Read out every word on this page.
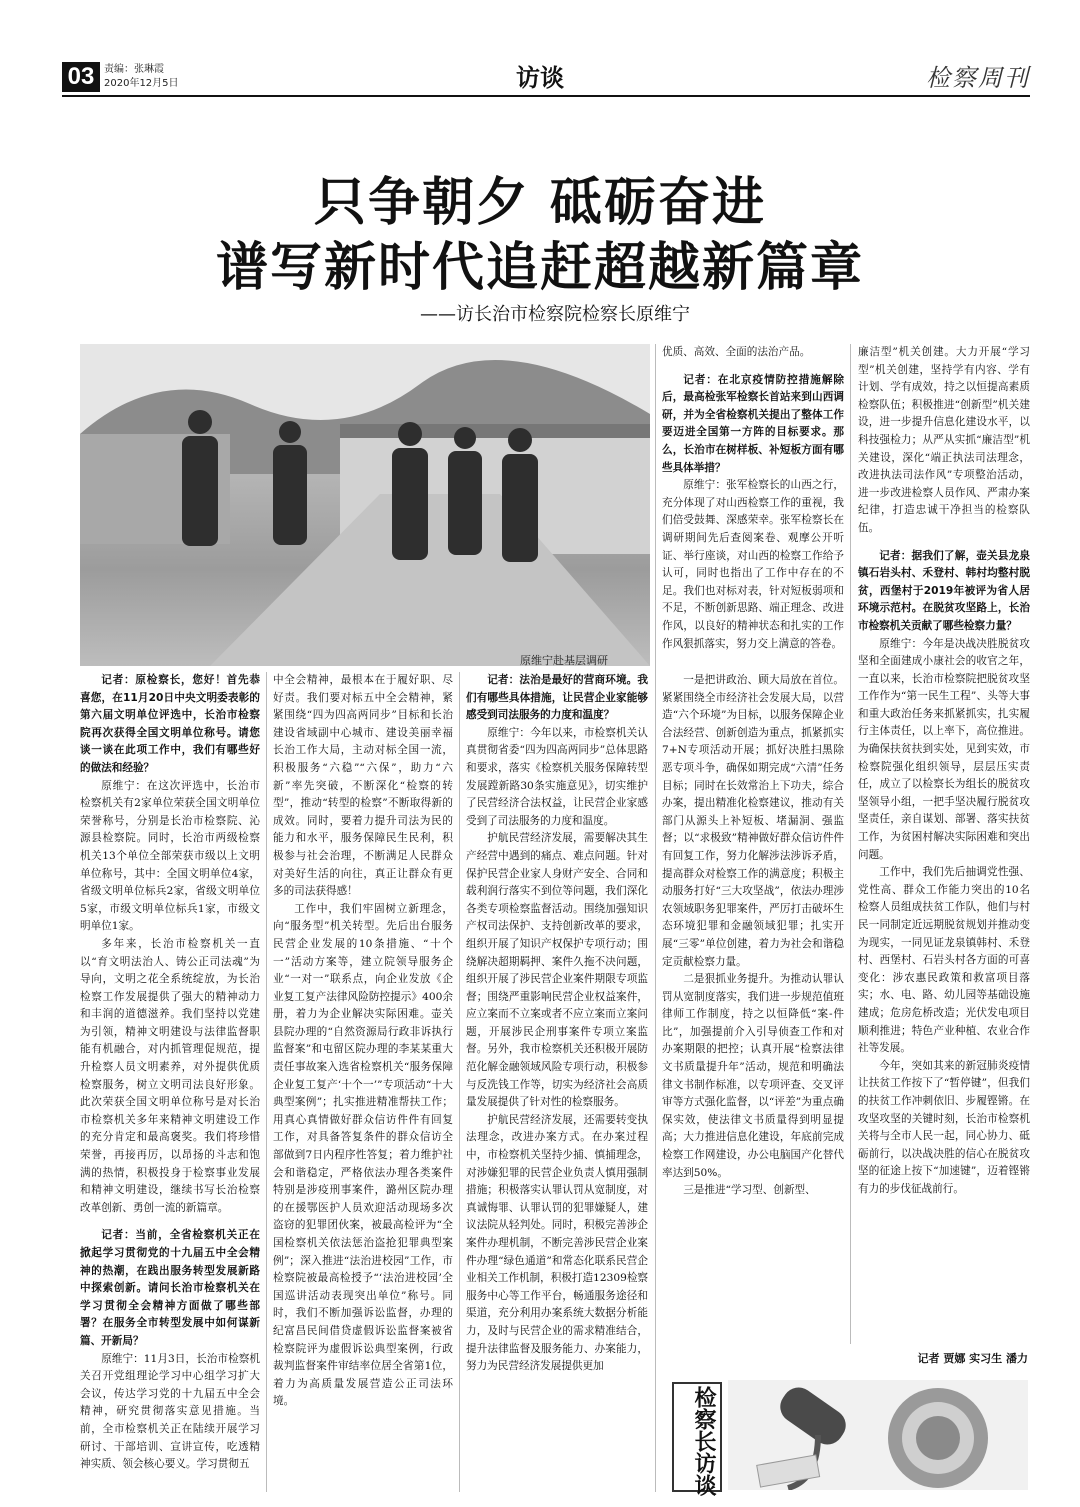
03 责编：张琳霞
2020年12月5日	访谈	检察周刊
只争朝夕 砥砺奋进
谱写新时代追赶超越新篇章
——访长治市检察院检察长原维宁
原维宁赴基层调研

记者：原检察长，您好！首先恭喜您，在11月20日中央文明委表彰的第六届文明单位评选中，长治市检察院再次获得全国文明单位称号。请您谈一谈在此项工作中，我们有哪些好的做法和经验？

原维宁：在这次评选中，长治市检察机关有2家单位荣获全国文明单位荣誉称号，分别是长治市检察院、沁源县检察院。同时，长治市两级检察机关13个单位全部荣获市级以上文明单位称号，其中：全国文明单位4家，省级文明单位标兵2家，省级文明单位5家，市级文明单位标兵1家，市级文明单位1家。

多年来，长治市检察机关一直以“育文明法治人、铸公正司法魂”为导向，文明之花全系统绽放，为长治检察工作发展提供了强大的精神动力和丰润的道德滋养。我们坚持以党建为引领，精神文明建设与法律监督职能有机融合，对内抓管理促规范，提升检察人员文明素养，对外提供优质检察服务，树立文明司法良好形象。此次荣获全国文明单位称号是对长治市检察机关多年来精神文明建设工作的充分肯定和最高褒奖。我们将珍惜荣誉，再接再厉，以昂扬的斗志和饱满的热情，积极投身于检察事业发展和精神文明建设，继续书写长治检察改革创新、勇创一流的新篇章。

记者：当前，全省检察机关正在掀起学习贯彻党的十九届五中全会精神的热潮，在践出服务转型发展新路中探索创新。请问长治市检察机关在学习贯彻全会精神方面做了哪些部署？在服务全市转型发展中如何谋新篇、开新局？

原维宁：11月3日，长治市检察机关召开党组理论学习中心组学习扩大会议，传达学习党的十九届五中全会精神，研究贯彻落实意见措施。当前，全市检察机关正在陆续开展学习研讨、干部培训、宣讲宣传，吃透精神实质、领会核心要义。学习贯彻五

中全会精神，最根本在于履好职、尽好责。我们要对标五中全会精神，紧紧围绕“四为四高两同步”目标和长治建设省域副中心城市、建设美丽幸福长治工作大局，主动对标全国一流，积极服务“六稳”“六保”，助力“六新”率先突破，不断深化“检察的转型”，推动“转型的检察”不断取得新的成效。同时，要着力提升司法为民的能力和水平，服务保障民生民利，积极参与社会治理，不断满足人民群众对美好生活的向往，真正让群众有更多的司法获得感！

工作中，我们牢固树立新理念，向“服务型”机关转型。先后出台服务民营企业发展的10条措施、“十个一”活动方案等，建立院领导服务企业“一对一”联系点，向企业发放《企业复工复产法律风险防控提示》400余册，着力为企业解决实际困难。壶关县院办理的“自然资源局行政非诉执行监督案”和屯留区院办理的李某某重大责任事故案入选省检察机关“服务保障企业复工复产‘十个一’”专项活动“十大典型案例”；扎实推进精准帮扶工作；用真心真情做好群众信访件件有回复工作，对具备答复条件的群众信访全部做到7日内程序性答复；着力维护社会和谐稳定，严格依法办理各类案件特别是涉疫刑事案件，潞州区院办理的在援鄂医护人员欢迎活动现场多次盗窃的犯罪团伙案，被最高检评为“全国检察机关依法惩治盗抢犯罪典型案例”；深入推进“法治进校园”工作，市检察院被最高检授予“‘法治进校园’全国巡讲活动表现突出单位”称号。同时，我们不断加强诉讼监督，办理的纪富昌民间借贷虚假诉讼监督案被省检察院评为虚假诉讼典型案例，行政裁判监督案件审结率位居全省第1位，着力为高质量发展营造公正司法环境。

记者：法治是最好的营商环境。我们有哪些具体措施，让民营企业家能够感受到司法服务的力度和温度？

原维宁：今年以来，市检察机关认真贯彻省委“四为四高两同步”总体思路和要求，落实《检察机关服务保障转型发展蹚新路30条实施意见》，切实维护了民营经济合法权益，让民营企业家感受到了司法服务的力度和温度。

护航民营经济发展，需要解决其生产经营中遇到的痛点、难点问题。针对保护民营企业家人身财产安全、合同和载利润行落实不到位等问题，我们深化各类专项检察监督活动。围绕加强知识产权司法保护、支持创新改革的要求，组织开展了知识产权保护专项行动；围绕解决超期羁押、案件久拖不决问题，组织开展了涉民营企业案件期限专项监督；围绕严重影响民营企业权益案件，应立案而不立案或者不应立案而立案问题，开展涉民企刑事案件专项立案监督。另外，我市检察机关还积极开展防范化解金融领域风险专项行动，积极参与反洗钱工作等，切实为经济社会高质量发展提供了针对性的检察服务。

护航民营经济发展，还需要转变执法理念，改进办案方式。在办案过程中，市检察机关坚持少捕、慎捕理念，对涉嫌犯罪的民营企业负责人慎用强制措施；积极落实认罪认罚从宽制度，对真诚悔罪、认罪认罚的犯罪嫌疑人，建议法院从轻判处。同时，积极完善涉企案件办理机制，不断完善涉民营企业案件办理“绿色通道”和常态化联系民营企业相关工作机制，积极打造12309检察服务中心等工作平台，畅通服务途径和渠道，充分利用办案系统大数据分析能力，及时与民营企业的需求精准结合，提升法律监督及服务能力、办案能力，努力为民营经济发展提供更加

优质、高效、全面的法治产品。

记者：在北京疫情防控措施解除后，最高检张军检察长首站来到山西调研，并为全省检察机关提出了整体工作要迈进全国第一方阵的目标要求。那么，长治市在树样板、补短板方面有哪些具体举措？

原维宁：张军检察长的山西之行，充分体现了对山西检察工作的重视，我们倍受鼓舞、深感荣幸。张军检察长在调研期间先后查阅案卷、观摩公开听证、举行座谈，对山西的检察工作给予认可，同时也指出了工作中存在的不足。我们也对标对表，针对短板弱项和不足，不断创新思路、端正理念、改进作风，以良好的精神状态和扎实的工作作风狠抓落实，努力交上满意的答卷。

一是把讲政治、顾大局放在首位。紧紧围绕全市经济社会发展大局，以营造“六个环境”为目标，以服务保障企业合法经营、创新创造为重点，抓紧抓实7+N专项活动开展；抓好决胜扫黑除恶专项斗争，确保如期完成“六清”任务目标；同时在长效常治上下功夫，综合办案，提出精准化检察建议，推动有关部门从源头上补短板、堵漏洞、强监督；以“求极致”精神做好群众信访件件有回复工作，努力化解涉法涉诉矛盾，提高群众对检察工作的满意度；积极主动服务打好“三大攻坚战”，依法办理涉农领域职务犯罪案件，严厉打击破坏生态环境犯罪和金融领域犯罪；扎实开展“三零”单位创建，着力为社会和谐稳定贡献检察力量。

二是狠抓业务提升。为推动认罪认罚从宽制度落实，我们进一步规范值班律师工作制度，持之以恒降低“案-件比”，加强提前介入引导侦查工作和对办案期限的把控；认真开展“检察法律文书质量提升年”活动，规范和明确法律文书制作标准，以专项评查、交叉评审等方式强化监督，以“评差”为重点确保实效，使法律文书质量得到明显提高；大力推进信息化建设，年底前完成检察工作网建设，办公电脑国产化替代率达到50%。

三是推进“学习型、创新型、

廉洁型”机关创建。大力开展“学习型”机关创建，坚持学有内容、学有计划、学有成效，持之以恒提高素质检察队伍；积极推进“创新型”机关建设，进一步提升信息化建设水平，以科技强检力；从严从实抓“廉洁型”机关建设，深化“端正执法司法理念，改进执法司法作风”专项整治活动，进一步改进检察人员作风、严肃办案纪律，打造忠诚干净担当的检察队伍。

记者：据我们了解，壶关县龙泉镇石岩头村、禾登村、韩村均整村脱贫，西堡村于2019年被评为省人居环境示范村。在脱贫攻坚路上，长治市检察机关贡献了哪些检察力量？

原维宁：今年是决战决胜脱贫攻坚和全面建成小康社会的收官之年，一直以来，长治市检察院把脱贫攻坚工作作为“第一民生工程”、头等大事和重大政治任务来抓紧抓实，扎实履行主体责任，以上率下，高位推进。为确保扶贫扶到实处，见到实效，市检察院强化组织领导，层层压实责任，成立了以检察长为组长的脱贫攻坚领导小组，一把手坚决履行脱贫攻坚责任，亲自谋划、部署、落实扶贫工作，为贫困村解决实际困难和突出问题。

工作中，我们先后抽调党性强、党性高、群众工作能力突出的10名检察人员组成扶贫工作队，他们与村民一同制定近远期脱贫规划并推动变为现实，一同见证龙泉镇韩村、禾登村、西堡村、石岩头村各方面的可喜变化：涉农惠民政策和救富项目落实；水、电、路、幼儿园等基础设施建成；危房危桥改造；光伏发电项目顺利推进；特色产业种植、农业合作社等发展。

今年，突如其来的新冠肺炎疫情让扶贫工作按下了“暂停键”，但我们的扶贫工作冲刺依旧、步履铿锵。在攻坚攻坚的关键时刻，长治市检察机关将与全市人民一起，同心协力、砥砺前行，以决战决胜的信心在脱贫攻坚的征途上按下“加速键”，迈着铿锵有力的步伐征战前行。

记者 贾娜 实习生 潘力
检察长访谈
